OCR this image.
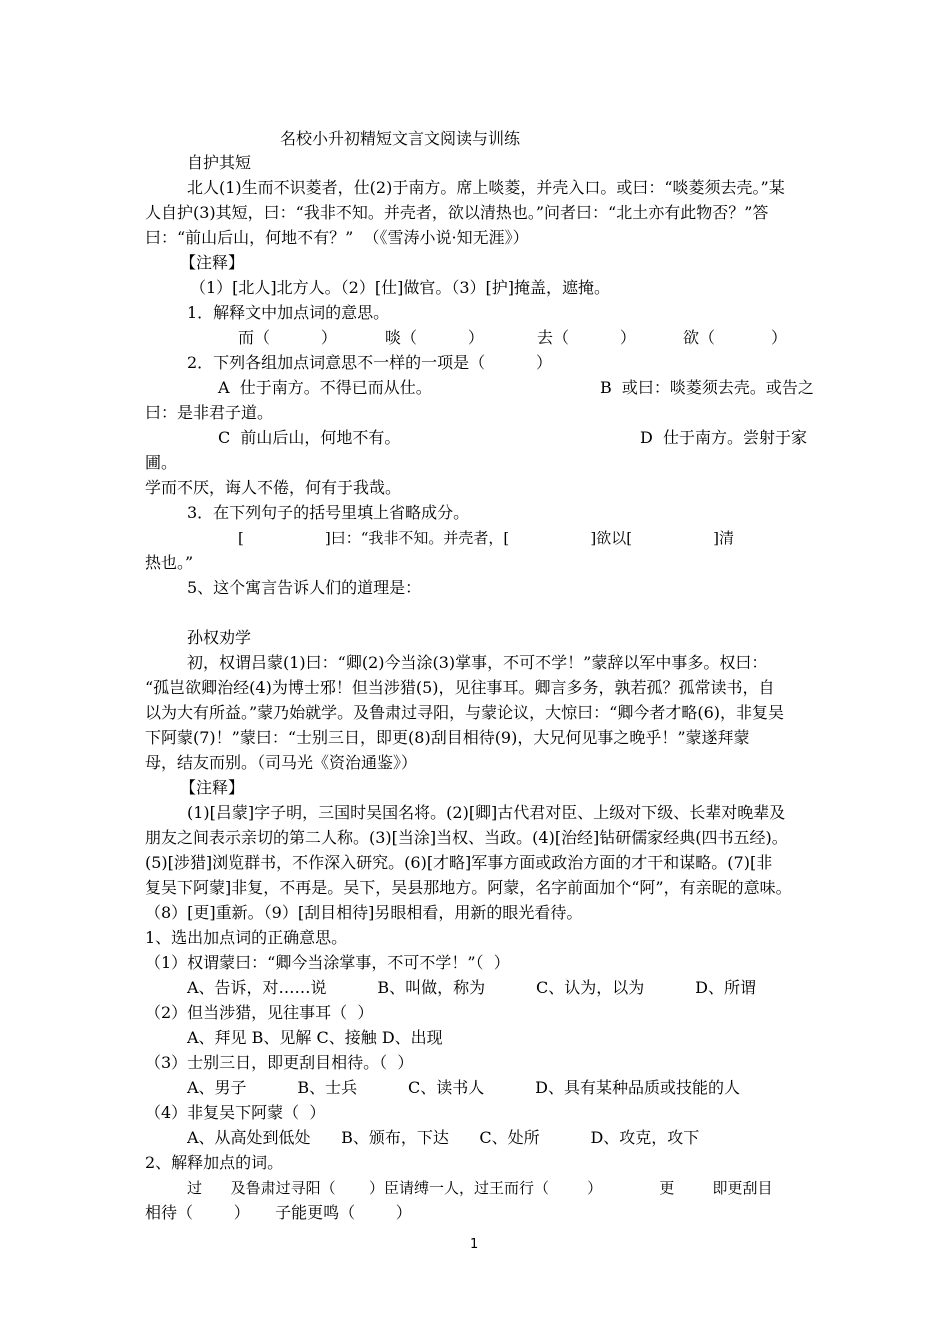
名校小升初精短文言文阅读与训练
自护其短
北人(1)生而不识菱者，仕(2)于南方。席上啖菱，并壳入口。或曰：“啖菱须去壳。”某
人自护(3)其短，曰：“我非不知。并壳者，欲以清热也。”问者曰：“北土亦有此物否？”答
曰：“前山后山，何地不有？”  （《雪涛小说·知无涯》）
【注释】
（1）[北人]北方人。（2）[仕]做官。（3）[护]掩盖，遮掩。
1．解释文中加点词的意思。
而（          ）	啖（          ）	去（          ）	欲（           ）
2．下列各组加点词意思不一样的一项是（          ）
A  仕于南方。不得已而从仕。	B  或曰：啖菱须去壳。或告之
曰：是非君子道。
C  前山后山，何地不有。	D  仕于南方。尝射于家
圃。
学而不厌，诲人不倦，何有于我哉。
3．在下列句子的括号里填上省略成分。
[                 ]曰：“我非不知。并壳者，[                 ]欲以[                 ]清
热也。”
5、这个寓言告诉人们的道理是：
孙权劝学
初，权谓吕蒙(1)曰：“卿(2)今当涂(3)掌事，不可不学！”蒙辞以军中事多。权曰：
“孤岂欲卿治经(4)为博士邪！但当涉猎(5)，见往事耳。卿言多务，孰若孤？孤常读书，自
以为大有所益。”蒙乃始就学。及鲁肃过寻阳，与蒙论议，大惊曰：“卿今者才略(6)，非复吴
下阿蒙(7)！”蒙曰：“士别三日，即更(8)刮目相待(9)，大兄何见事之晚乎！”蒙遂拜蒙
母，结友而别。（司马光《资治通鉴》）
【注释】
(1)[吕蒙]字子明，三国时吴国名将。(2)[卿]古代君对臣、上级对下级、长辈对晚辈及
朋友之间表示亲切的第二人称。(3)[当涂]当权、当政。(4)[治经]钻研儒家经典(四书五经)。
(5)[涉猎]浏览群书，不作深入研究。(6)[才略]军事方面或政治方面的才干和谋略。(7)[非
复吴下阿蒙]非复，不再是。吴下，吴县那地方。阿蒙，名字前面加个“阿”，有亲昵的意味。
（8）[更]重新。（9）[刮目相待]另眼相看，用新的眼光看待。
1、选出加点词的正确意思。
（1）权谓蒙曰：“卿今当涂掌事，不可不学！”（  ）
A、告诉，对……说          B、叫做，称为          C、认为，以为          D、所谓
（2）但当涉猎，见往事耳（  ）
A、拜见 B、见解 C、接触 D、出现
（3）士别三日，即更刮目相待。（  ）
A、男子          B、士兵          C、读书人          D、具有某种品质或技能的人
（4）非复吴下阿蒙（  ）
A、从高处到低处      B、颁布，下达      C、处所          D、攻克，攻下
2、解释加点的词。
过      及鲁肃过寻阳（       ）臣请缚一人，过王而行（        ）            更        即更刮目
相待（        ）     子能更鸣（        ）
1
